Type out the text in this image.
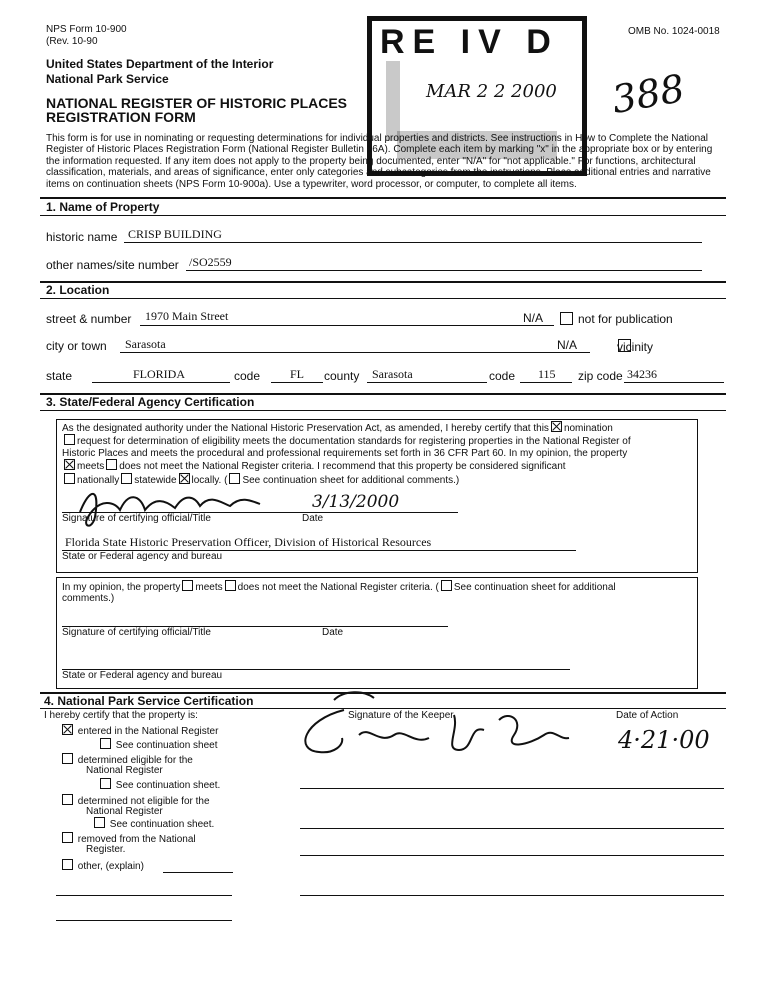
NPS Form 10-900
(Rev. 10-90
OMB No. 1024-0018
United States Department of the Interior
National Park Service
NATIONAL REGISTER OF HISTORIC PLACES
REGISTRATION FORM
RE IV D
MAR 2 2 2000 388
This form is for use in nominating or requesting determinations for individual properties and districts. See instructions in How to Complete the National
Register of Historic Places Registration Form (National Register Bulletin 16A). Complete each item by marking "x" in the appropriate box or by entering
the information requested. If any item does not apply to the property being documented, enter "N/A" for "not applicable." For functions, architectural
classification, materials, and areas of significance, enter only categories and subcategories from the instructions. Place additional entries and narrative
items on continuation sheets (NPS Form 10-900a). Use a typewriter, word processor, or computer, to complete all items.
1. Name of Property
historic name CRISP BUILDING
other names/site number /SO2559
2. Location
street & number 1970 Main Street	N/A
	not for publication
city or town Sarasota	N/A	vicinity
state	FLORIDA	code FL county Sarasota	code 115 zip code 34236
3. State/Federal Agency Certification
As the designated authority under the National Historic Preservation Act, as amended, I hereby certify that this nomination
request for determination of eligibility meets the documentation standards for registering properties in the National Register of
Historic Places and meets the procedural and professional requirements set forth in 36 CFR Part 60. In my opinion, the property
meets does not meet the National Register criteria. I recommend that this property be considered significant
nationally statewide locally. ( See continuation sheet for additional comments.)
3/13/2000
Signature of certifying official/Title	Date
Florida State Historic Preservation Officer, Division of Historical Resources
State or Federal agency and bureau
In my opinion, the property meets does not meet the National Register criteria. ( See continuation sheet for additional
comments.)
Signature of certifying official/Title	Date
State or Federal agency and bureau
4. National Park Service Certification
I hereby certify that the property is:	Signature of the Keeper	Date of Action
4·21·00
entered in the National Register
See continuation sheet
determined eligible for the
National Register
See continuation sheet.
determined not eligible for the
National Register
See continuation sheet.
removed from the National
Register.
other, (explain)
